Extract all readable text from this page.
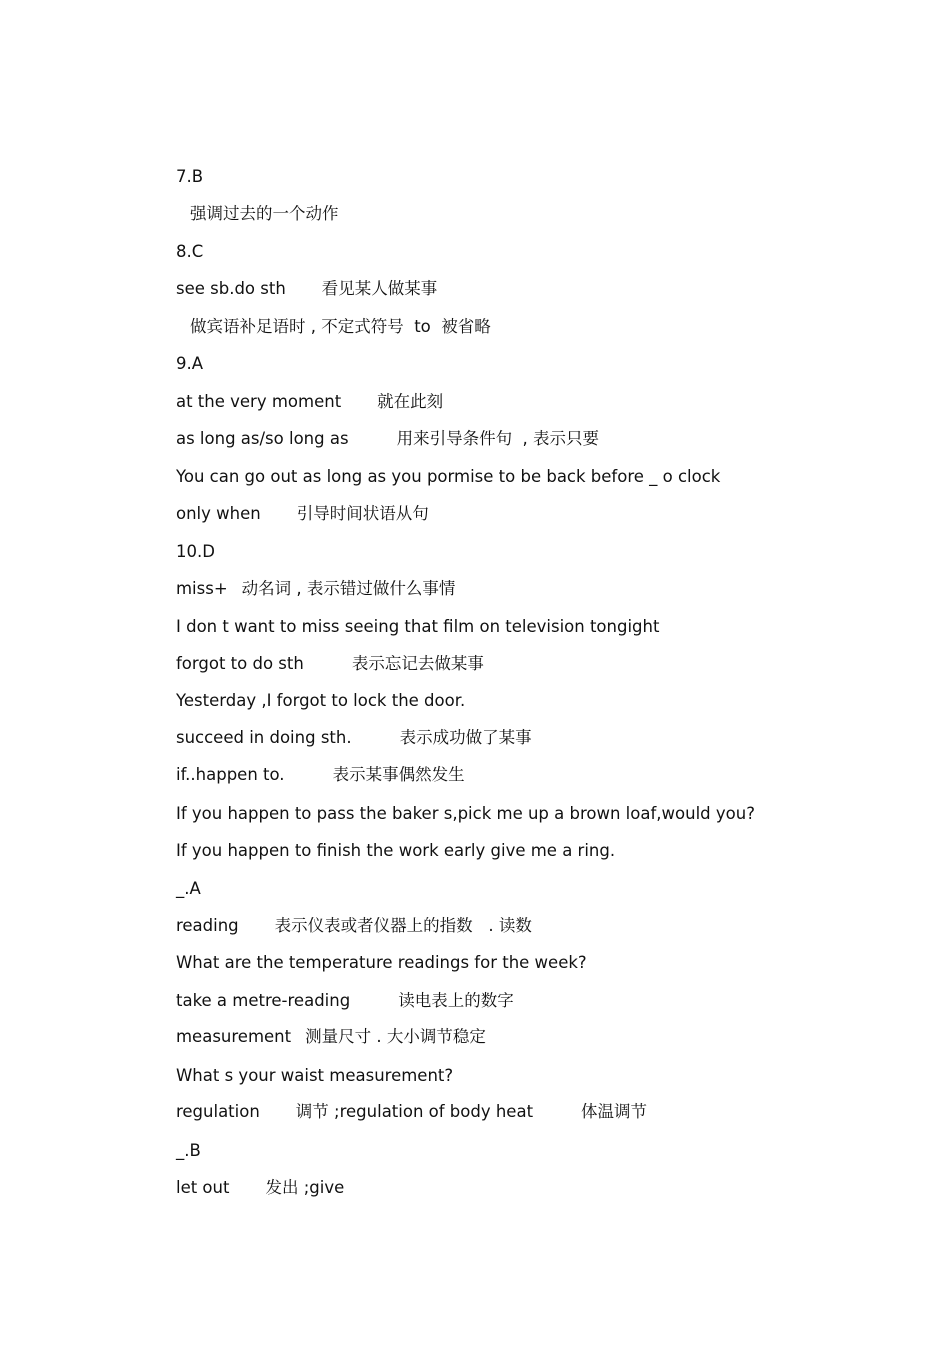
7.B

强调过去的一个动作

8.C

see sb.do sth 看见某人做某事

做宾语补足语时 , 不定式符号  to  被省略

9.A

at the very moment 就在此刻

as long as/so long as	用来引导条件句  , 表示只要

You can go out as long as you pormise to be back before _ o clock

only when 引导时间状语从句

10.D

miss+ 动名词 , 表示错过做什么事情

I don t want to miss seeing that film on television tongight

forgot to do sth	表示忘记去做某事

Yesterday ,I forgot to lock the door.

succeed in doing sth.	表示成功做了某事

if..happen to.	表示某事偶然发生

If you happen to pass the baker s,pick me up a brown loaf,would you?

If you happen to finish the work early give me a ring.

_.A

reading 表示仪表或者仪器上的指数   . 读数

What are the temperature readings for the week?

take a metre-reading	读电表上的数字

measurement 测量尺寸 . 大小调节稳定

What s your waist measurement?

regulation 调节 ;regulation of body heat	体温调节

_.B

let out 发出 ;give
